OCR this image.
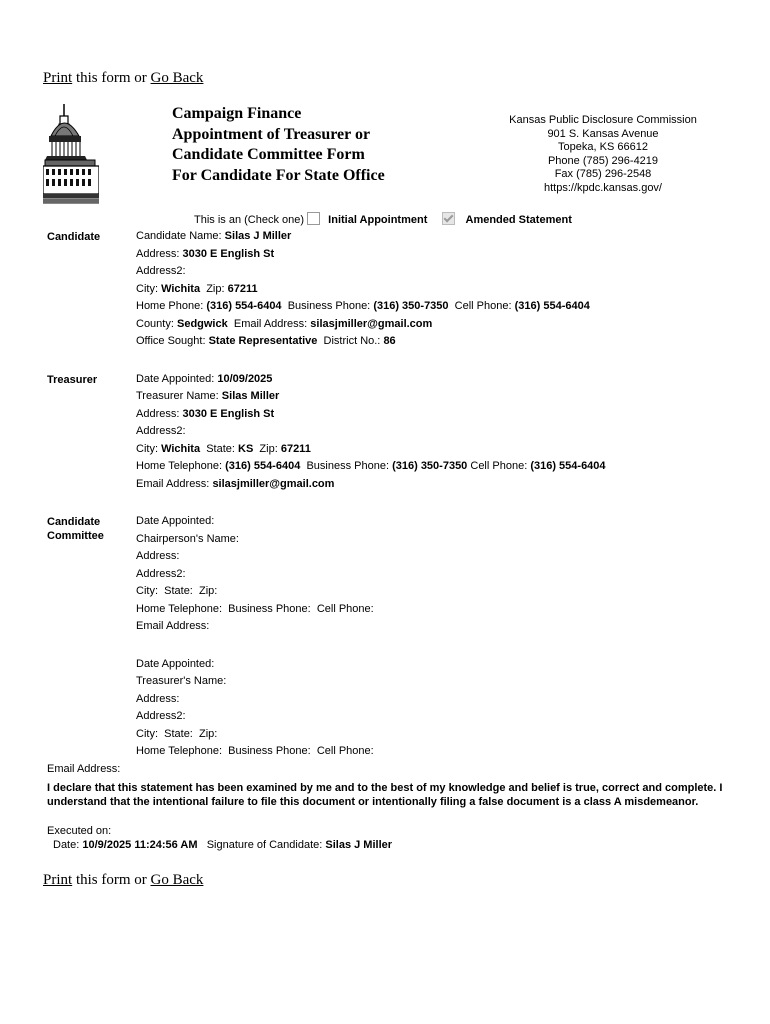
Print this form or Go Back
Campaign Finance
Appointment of Treasurer or
Candidate Committee Form
For Candidate For State Office
Kansas Public Disclosure Commission
901 S. Kansas Avenue
Topeka, KS 66612
Phone (785) 296-4219
Fax (785) 296-2548
https://kpdc.kansas.gov/
This is an (Check one) Initial Appointment	Amended Statement
Candidate	Candidate Name: Silas J Miller
Address: 3030 E English St
Address2:
City: Wichita Zip: 67211
Home Phone: (316) 554-6404 Business Phone: (316) 350-7350 Cell Phone: (316) 554-6404
County: Sedgwick Email Address: silasjmiller@gmail.com
Office Sought: State Representative District No.: 86
Treasurer	Date Appointed: 10/09/2025
Treasurer Name: Silas Miller
Address: 3030 E English St
Address2:
City: Wichita State: KS Zip: 67211
Home Telephone: (316) 554-6404 Business Phone: (316) 350-7350 Cell Phone: (316) 554-6404
Email Address: silasjmiller@gmail.com
Candidate
Committee
Date Appointed:
Chairperson's Name:
Address:
Address2:
City: State: Zip:
Home Telephone: Business Phone: Cell Phone:
Email Address:
Date Appointed:
Treasurer's Name:
Address:
Address2:
City: State: Zip:
Home Telephone: Business Phone: Cell Phone:
Email Address:
I declare that this statement has been examined by me and to the best of my knowledge and belief is true, correct and complete. I understand that the intentional failure to file this document or intentionally filing a false document is a class A misdemeanor.
Executed on:
Date: 10/9/2025 11:24:56 AM Signature of Candidate: Silas J Miller
Print this form or Go Back
